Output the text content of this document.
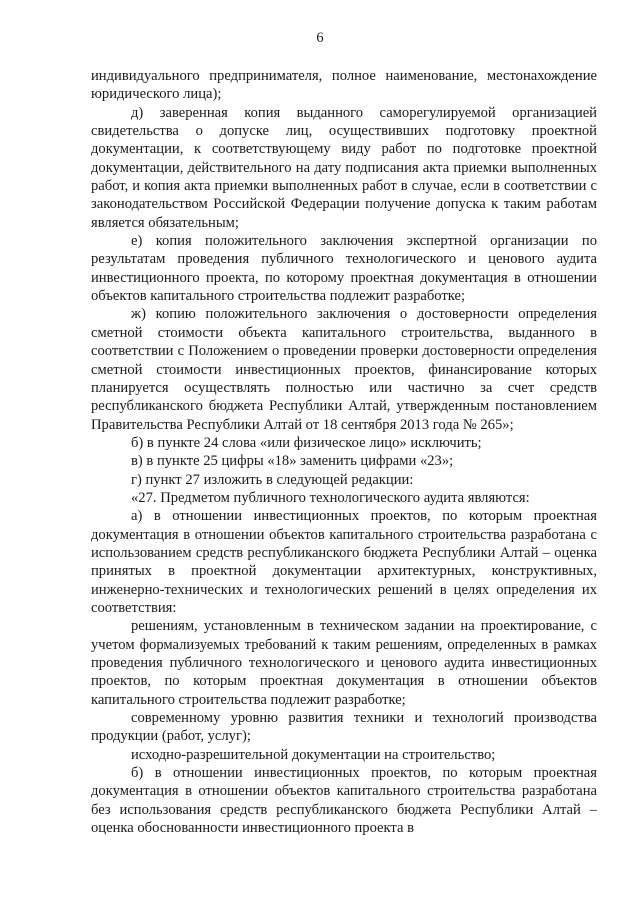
6

индивидуального предпринимателя, полное наименование, местонахождение юридического лица);

д) заверенная копия выданного саморегулируемой организацией свидетельства о допуске лиц, осуществивших подготовку проектной документации, к соответствующему виду работ по подготовке проектной документации, действительного на дату подписания акта приемки выполненных работ, и копия акта приемки выполненных работ в случае, если в соответствии с законодательством Российской Федерации получение допуска к таким работам является обязательным;

е) копия положительного заключения экспертной организации по результатам проведения публичного технологического и ценового аудита инвестиционного проекта, по которому проектная документация в отношении объектов капитального строительства подлежит разработке;

ж) копию положительного заключения о достоверности определения сметной стоимости объекта капитального строительства, выданного в соответствии с Положением о проведении проверки достоверности определения сметной стоимости инвестиционных проектов, финансирование которых планируется осуществлять полностью или частично за счет средств республиканского бюджета Республики Алтай, утвержденным постановлением Правительства Республики Алтай от 18 сентября 2013 года № 265»;

б) в пункте 24 слова «или физическое лицо» исключить;

в) в пункте 25 цифры «18» заменить цифрами «23»;

г) пункт 27 изложить в следующей редакции:

«27. Предметом публичного технологического аудита являются:

а) в отношении инвестиционных проектов, по которым проектная документация в отношении объектов капитального строительства разработана с использованием средств республиканского бюджета Республики Алтай – оценка принятых в проектной документации архитектурных, конструктивных, инженерно-технических и технологических решений в целях определения их соответствия:

решениям, установленным в техническом задании на проектирование, с учетом формализуемых требований к таким решениям, определенных в рамках проведения публичного технологического и ценового аудита инвестиционных проектов, по которым проектная документация в отношении объектов капитального строительства подлежит разработке;

современному уровню развития техники и технологий производства продукции (работ, услуг);

исходно-разрешительной документации на строительство;

б) в отношении инвестиционных проектов, по которым проектная документация в отношении объектов капитального строительства разработана без использования средств республиканского бюджета Республики Алтай – оценка обоснованности инвестиционного проекта в
